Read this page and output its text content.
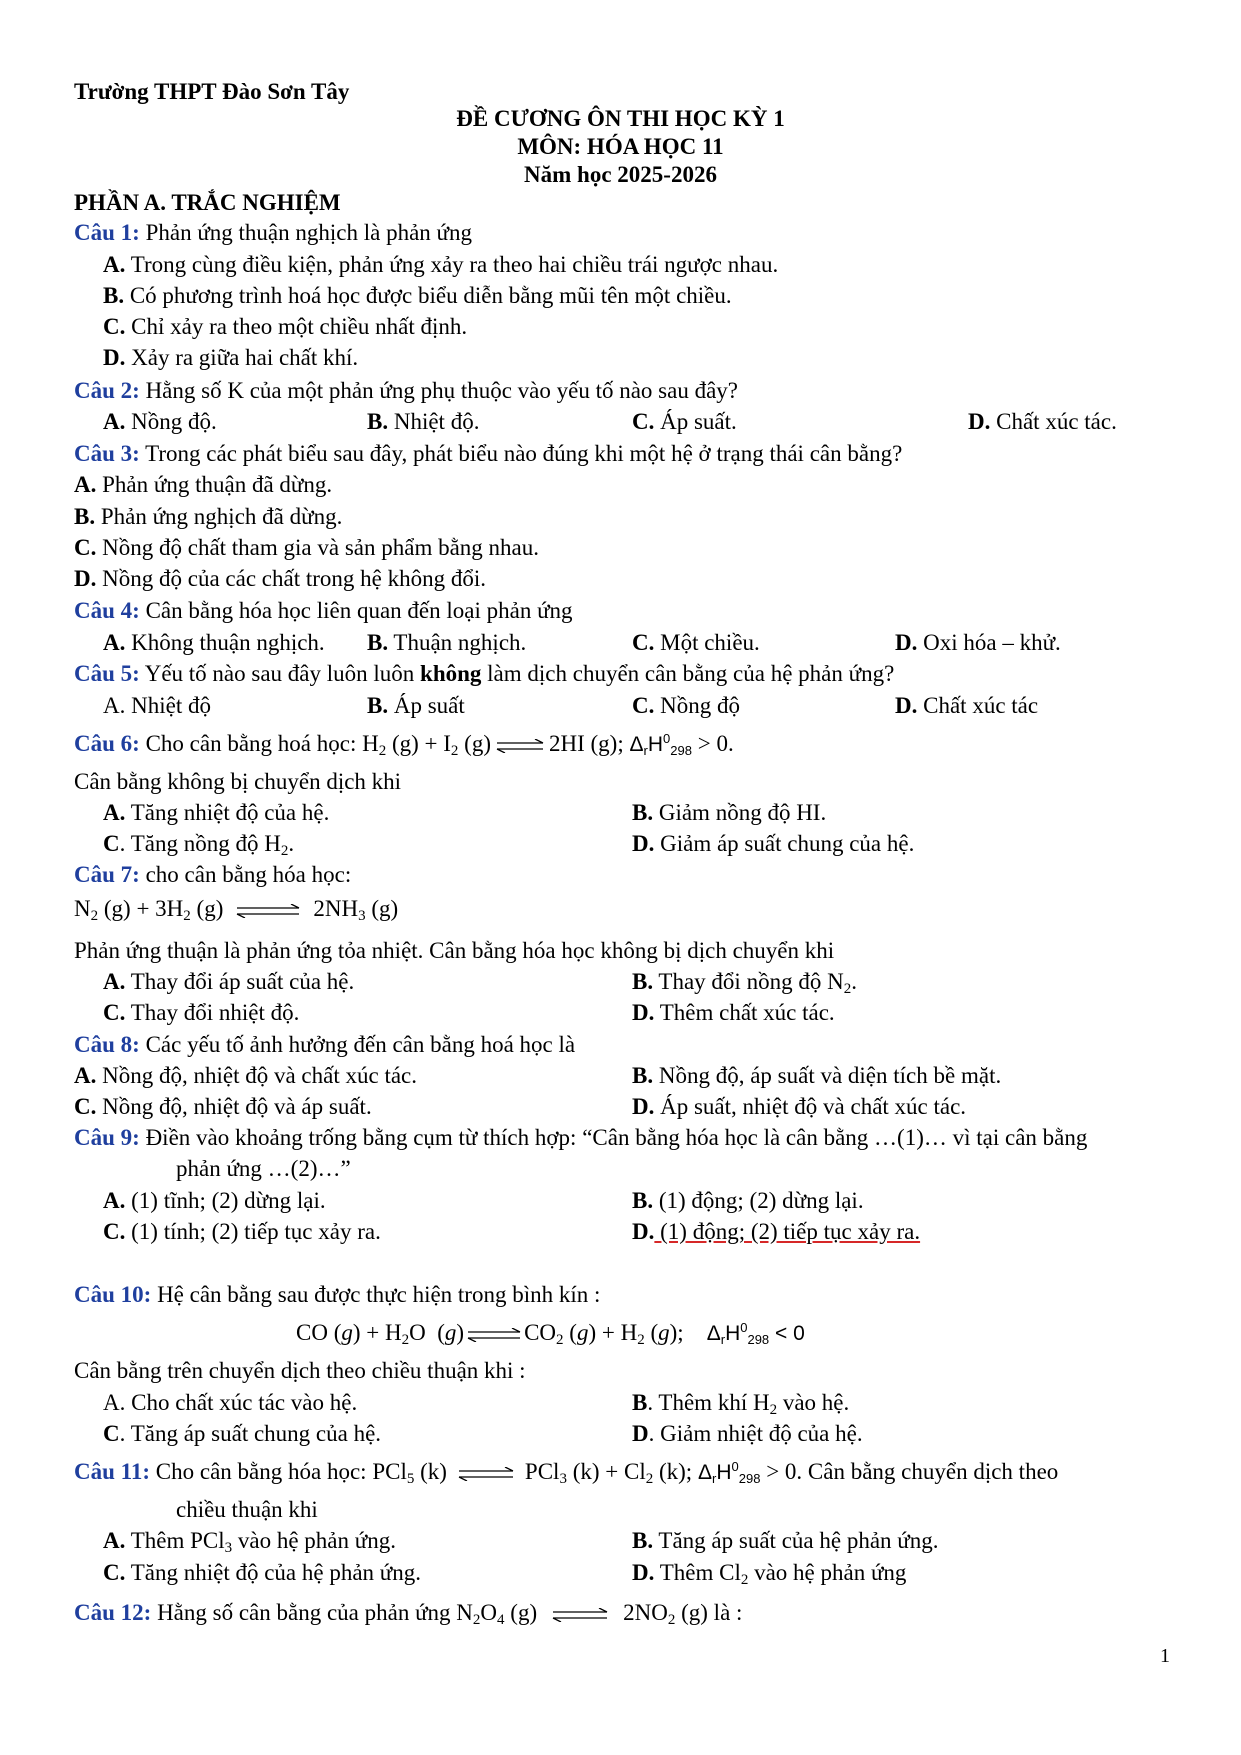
Trường THPT Đào Sơn Tây
ĐỀ CƯƠNG ÔN THI HỌC KỲ 1
MÔN: HÓA HỌC 11
Năm học 2025-2026
PHẦN A. TRẮC NGHIỆM
Câu 1: Phản ứng thuận nghịch là phản ứng
A. Trong cùng điều kiện, phản ứng xảy ra theo hai chiều trái ngược nhau.
B. Có phương trình hoá học được biểu diễn bằng mũi tên một chiều.
C. Chỉ xảy ra theo một chiều nhất định.
D. Xảy ra giữa hai chất khí.
Câu 2: Hằng số K của một phản ứng phụ thuộc vào yếu tố nào sau đây?
A. Nồng độ.	B. Nhiệt độ.	C. Áp suất.	D. Chất xúc tác.
Câu 3: Trong các phát biểu sau đây, phát biểu nào đúng khi một hệ ở trạng thái cân bằng?
A. Phản ứng thuận đã dừng.
B. Phản ứng nghịch đã dừng.
C. Nồng độ chất tham gia và sản phẩm bằng nhau.
D. Nồng độ của các chất trong hệ không đổi.
Câu 4: Cân bằng hóa học liên quan đến loại phản ứng
A. Không thuận nghịch. B. Thuận nghịch.	C. Một chiều.	D. Oxi hóa – khử.
Câu 5: Yếu tố nào sau đây luôn luôn không làm dịch chuyển cân bằng của hệ phản ứng?
A. Nhiệt độ	B. Áp suất	C. Nồng độ	D. Chất xúc tác
Câu 6: Cho cân bằng hoá học: $H_2$ $(g) + I_2$ (g) ⇌ 2HI (g); $\Delta_rH^0_{298} > 0$.
Cân bằng không bị chuyển dịch khi
A. Tăng nhiệt độ của hệ.	B. Giảm nồng độ HI.
C. Tăng nồng độ $H_2$.	D. Giảm áp suất chung của hệ.
Câu 7: cho cân bằng hóa học:
$N_2$ $(g) + 3H_2$ (g) ⇌ $2NH_3$ (g)
Phản ứng thuận là phản ứng tỏa nhiệt. Cân bằng hóa học không bị dịch chuyển khi
A. Thay đổi áp suất của hệ.	B. Thay đổi nồng độ $N_2$.
C. Thay đổi nhiệt độ.	D. Thêm chất xúc tác.
Câu 8: Các yếu tố ảnh hưởng đến cân bằng hoá học là
A. Nồng độ, nhiệt độ và chất xúc tác.	B. Nồng độ, áp suất và diện tích bề mặt.
C. Nồng độ, nhiệt độ và áp suất.	D. Áp suất, nhiệt độ và chất xúc tác.
Câu 9: Điền vào khoảng trống bằng cụm từ thích hợp: “Cân bằng hóa học là cân bằng …(1)… vì tại cân bằng
phản ứng …(2)…”
A. (1) tĩnh; (2) dừng lại.	B. (1) động; (2) dừng lại.
C. (1) tính; (2) tiếp tục xảy ra.	D. (1) động; (2) tiếp tục xảy ra.
Câu 10: Hệ cân bằng sau được thực hiện trong bình kín :
CO $(g) + H_2O$  (g) ⇌ $CO_2$ $(g) + H_2$ (g);    $\Delta_rH^0_{298} < 0$
Cân bằng trên chuyển dịch theo chiều thuận khi :
A. Cho chất xúc tác vào hệ.	B. Thêm khí $H_2$ vào hệ.
C. Tăng áp suất chung của hệ.	D. Giảm nhiệt độ của hệ.
Câu 11: Cho cân bằng hóa học: PCl$_5$ (k) ⇌ PCl$_3$ $(k) + Cl_2$ (k); $\Delta_rH^0_{298} > 0$. Cân bằng chuyển dịch theo
chiều thuận khi
A. Thêm PCl$_3$ vào hệ phản ứng.	B. Tăng áp suất của hệ phản ứng.
C. Tăng nhiệt độ của hệ phản ứng.	D. Thêm $Cl_2$ vào hệ phản ứng
Câu 12: Hằng số cân bằng của phản ứng $N_2O_4$ (g) ⇌ $2NO_2$ (g) là :
1
